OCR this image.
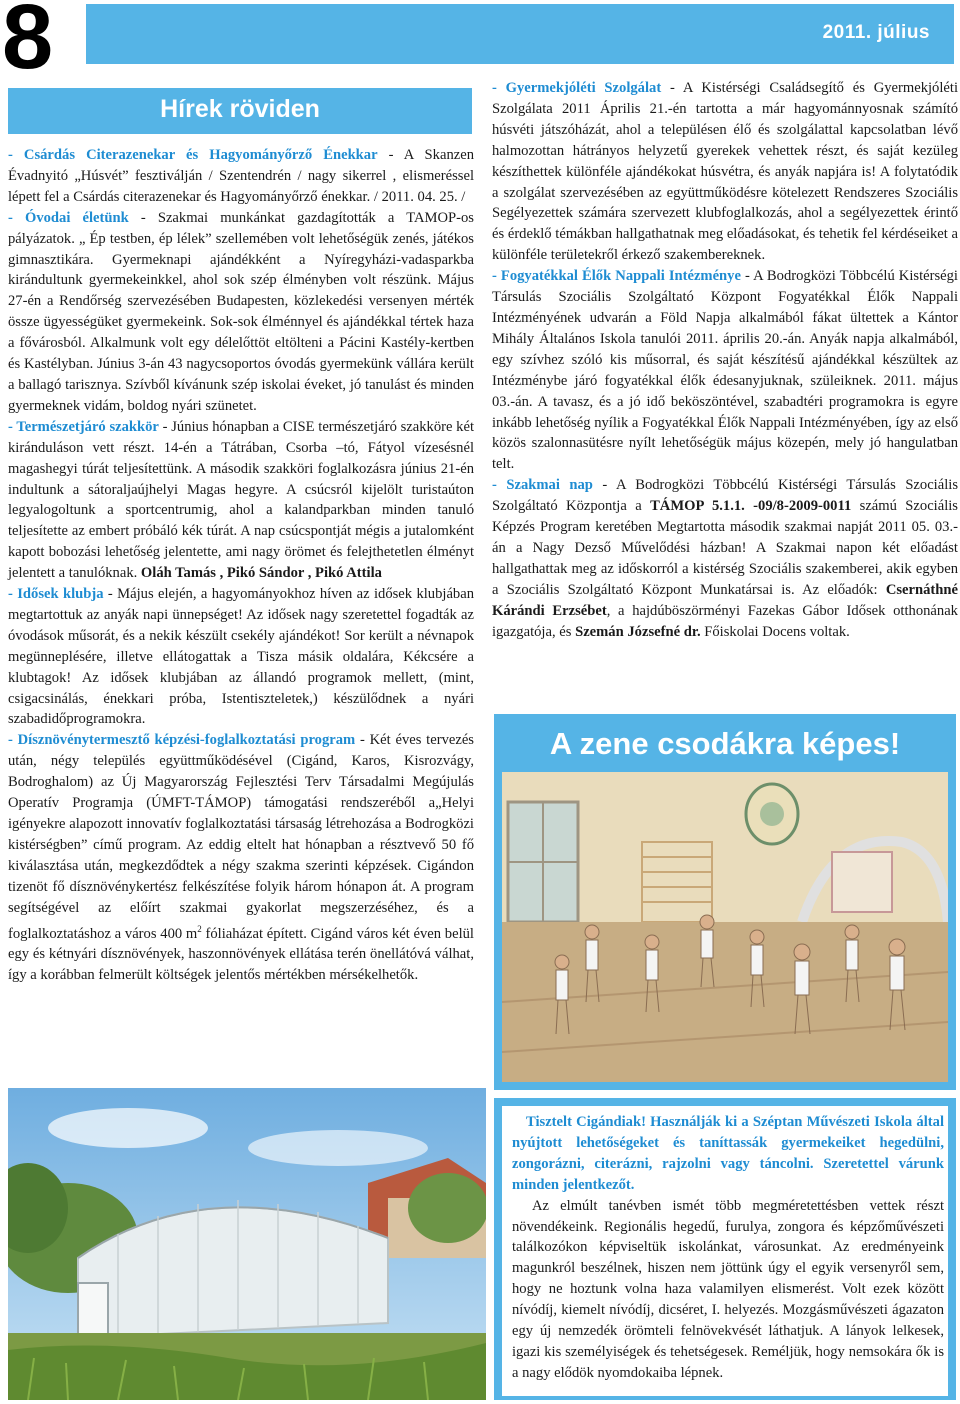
8	2011. július
Hírek röviden

- Csárdás Citerazenekar és Hagyományőrző Énekkar - A Skanzen Évadnyitó „Húsvét” fesztiválján / Szentendrén / nagy sikerrel , elismeréssel lépett fel a Csárdás citerazenekar és Hagyományőrző énekkar. / 2011. 04. 25. /

- Óvodai életünk - Szakmai munkánkat gazdagították a TAMOP-os pályázatok. „ Ép testben, ép lélek” szellemében volt lehetőségük zenés, játékos gimnasztikára. Gyermeknapi ajándékként a Nyíregyházi-vadasparkba kirándultunk gyermekeinkkel, ahol sok szép élményben volt részünk. Május 27-én a Rendőrség szervezésében Budapesten, közlekedési versenyen mérték össze ügyességüket gyermekeink. Sok-sok élménnyel és ajándékkal tértek haza a fővárosból. Alkalmunk volt egy délelőttöt eltölteni a Pácini Kastély-kertben és Kastélyban. Június 3-án 43 nagycsoportos óvodás gyermekünk vállára került a ballagó tarisznya. Szívből kívánunk szép iskolai éveket, jó tanulást és minden gyermeknek vidám, boldog nyári szünetet.

- Természetjáró szakkör - Június hónapban a CISE természetjáró szakköre két kiránduláson vett részt. 14-én a Tátrában, Csorba –tó, Fátyol vízesésnél magashegyi túrát teljesítettünk. A második szakköri foglalkozásra június 21-én indultunk a sátoraljaújhelyi Magas hegyre. A csúcsról kijelölt turistaúton legyalogoltunk a sportcentrumig, ahol a kalandparkban minden tanuló teljesítette az embert próbáló kék túrát. A nap csúcspontját mégis a jutalomként kapott bobozási lehetőség jelentette, ami nagy örömet és felejthetetlen élményt jelentett a tanulóknak. Oláh Tamás , Pikó Sándor , Pikó Attila

- Idősek klubja - Május elején, a hagyományokhoz híven az idősek klubjában megtartottuk az anyák napi ünnepséget! Az idősek nagy szeretettel fogadták az óvodások műsorát, és a nekik készült csekély ajándékot! Sor került a névnapok megünneplésére, illetve ellátogattak a Tisza másik oldalára, Kékcsére a klubtagok! Az idősek klubjában az állandó programok mellett, (mint, csigacsinálás, énekkari próba, Istentiszteletek,) készülődnek a nyári szabadidőprogramokra.

- Dísznövénytermesztő képzési-foglalkoztatási program - Két éves tervezés után, négy település együttműködésével (Cigánd, Karos, Kisrozvágy, Bodroghalom) az Új Magyarország Fejlesztési Terv Társadalmi Megújulás Operatív Programja (ÚMFT-TÁMOP) támogatási rendszeréből a„Helyi igényekre alapozott innovatív foglalkoztatási társaság létrehozása a Bodrogközi kistérségben” című program. Az eddig eltelt hat hónapban a résztvevő 50 fő kiválasztása után, megkezdődtek a négy szakma szerinti képzések. Cigándon tizenöt fő dísznövénykertész felkészítése folyik három hónapon át. A program segítségével az előírt szakmai gyakorlat megszerzéséhez, és a foglalkoztatáshoz a város 400 $m^2$ fóliaházat épített. Cigánd város két éven belül egy és kétnyári dísznövények, haszonnövények ellátása terén önellátóvá válhat, így a korábban felmerült költségek jelentős mértékben mérsékelhetők.

- Gyermekjóléti Szolgálat - A Kistérségi Családsegítő és Gyermekjóléti Szolgálata 2011 Április 21.-én tartotta a már hagyománnyosnak számító húsvéti játszóházát, ahol a településen élő és szolgálattal kapcsolatban lévő halmozottan hátrányos helyzetű gyerekek vehettek részt, és saját kezüleg készíthettek különféle ajándékokat húsvétra, és anyák napjára is! A folytatódik a szolgálat szervezésében az együttműködésre kötelezett Rendszeres Szociális Segélyezettek számára szervezett klubfoglalkozás, ahol a segélyezettek érintő és érdeklő témákban hallgathatnak meg előadásokat, és tehetik fel kérdéseiket a különféle területekről érkező szakembereknek.

- Fogyatékkal Élők Nappali Intézménye - A Bodrogközi Többcélú Kistérségi Társulás Szociális Szolgáltató Központ Fogyatékkal Élők Nappali Intézményének udvarán a Föld Napja alkalmából fákat ültettek a Kántor Mihály Általános Iskola tanulói 2011. április 20.-án. Anyák napja alkalmából, egy szívhez szóló kis műsorral, és saját készítésű ajándékkal készültek az Intézménybe járó fogyatékkal élők édesanyjuknak, szüleiknek. 2011. május 03.-án. A tavasz, és a jó idő beköszöntével, szabadtéri programokra is egyre inkább lehetőség nyílik a Fogyatékkal Élők Nappali Intézményében, így az első közös szalonnasütésre nyílt lehetőségük május közepén, mely jó hangulatban telt.

- Szakmai nap - A Bodrogközi Többcélú Kistérségi Társulás Szociális Szolgáltató Központja a TÁMOP 5.1.1. -09/8-2009-0011 számú Szociális Képzés Program keretében Megtartotta második szakmai napját 2011 05. 03.-án a Nagy Dezső Művelődési házban! A Szakmai napon két előadást hallgathattak meg az időskorról a kistérség Szociális szakemberei, akik egyben a Szociális Szolgáltató Központ Munkatársai is. Az előadók: Csernáthné Kárándi Erzsébet, a hajdúböszörményi Fazekas Gábor Idősek otthonának igazgatója, és Szemán Józsefné dr. Főiskolai Docens voltak.

A zene csodákra képes!

Tisztelt Cigándiak! Használják ki a Széptan Művészeti Iskola által nyújtott lehetőségeket és taníttassák gyermekeiket hegedülni, zongorázni, citerázni, rajzolni vagy táncolni. Szeretettel várunk minden jelentkezőt.

Az elmúlt tanévben ismét több megméretettésben vettek részt növendékeink. Regionális hegedű, furulya, zongora és képzőművészeti találkozókon képviseltük iskolánkat, városunkat. Az eredményeink magunkról beszélnek, hiszen nem jöttünk úgy el egyik versenyről sem, hogy ne hoztunk volna haza valamilyen elismerést. Volt ezek között nívódíj, kiemelt nívódíj, dicséret, I. helyezés. Mozgásművészeti ágazaton egy új nemzedék örömteli felnövekvését láthatjuk. A lányok lelkesek, igazi kis személyiségek és tehetségesek. Reméljük, hogy nemsokára ők is a nagy elődök nyomdokaiba lépnek.
